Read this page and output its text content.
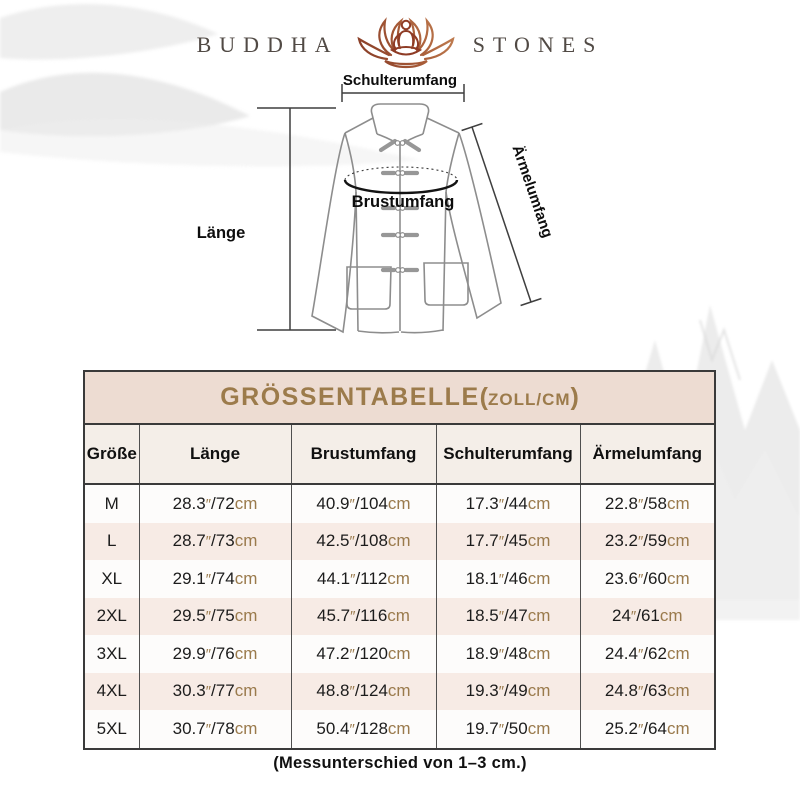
BUDDHA	STONES
Schulterumfang
Länge
Brustumfang	Ärmelumfang
GRÖSSENTABELLE(ZOLL/CM)				
Größe	Länge	Brustumfang	Schulterumfang	Ärmelumfang
M	28.3″/72cm	40.9″/104cm	17.3″/44cm	22.8″/58cm
L	28.7″/73cm	42.5″/108cm	17.7″/45cm	23.2″/59cm
XL	29.1″/74cm	44.1″/112cm	18.1″/46cm	23.6″/60cm
2XL	29.5″/75cm	45.7″/116cm	18.5″/47cm	24″/61cm
3XL	29.9″/76cm	47.2″/120cm	18.9″/48cm	24.4″/62cm
4XL	30.3″/77cm	48.8″/124cm	19.3″/49cm	24.8″/63cm
5XL	30.7″/78cm	50.4″/128cm	19.7″/50cm	25.2″/64cm
(Messunterschied von 1–3 cm.)
